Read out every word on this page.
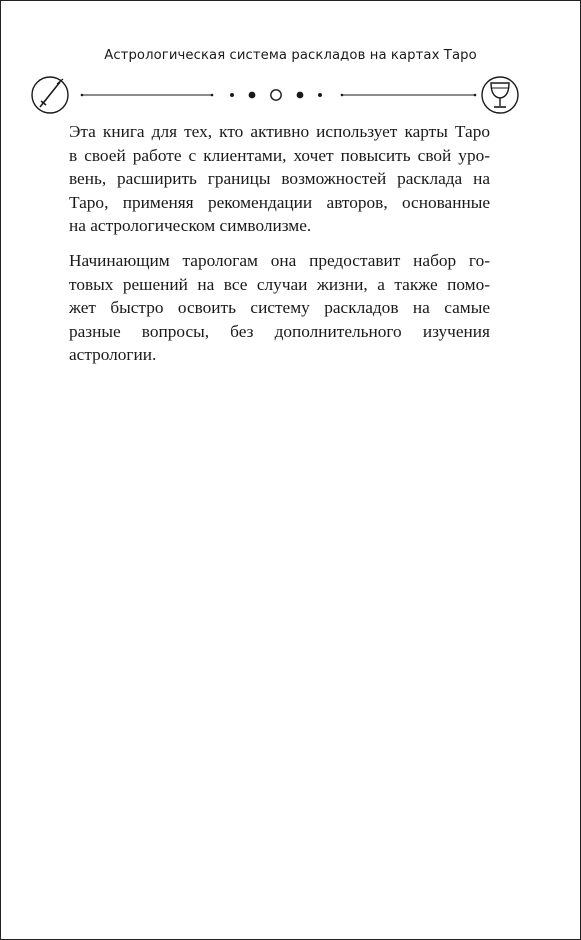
Астрологическая система раскладов на картах Таро

Эта книга для тех, кто активно использует карты Таро
в своей работе с клиентами, хочет повысить свой уро-
вень, расширить границы возможностей расклада на
Таро, применяя рекомендации авторов, основанные
на астрологическом символизме.

Начинающим тарологам она предоставит набор го-
товых решений на все случаи жизни, а также помо-
жет быстро освоить систему раскладов на самые
разные вопросы, без дополнительного изучения
астрологии.
